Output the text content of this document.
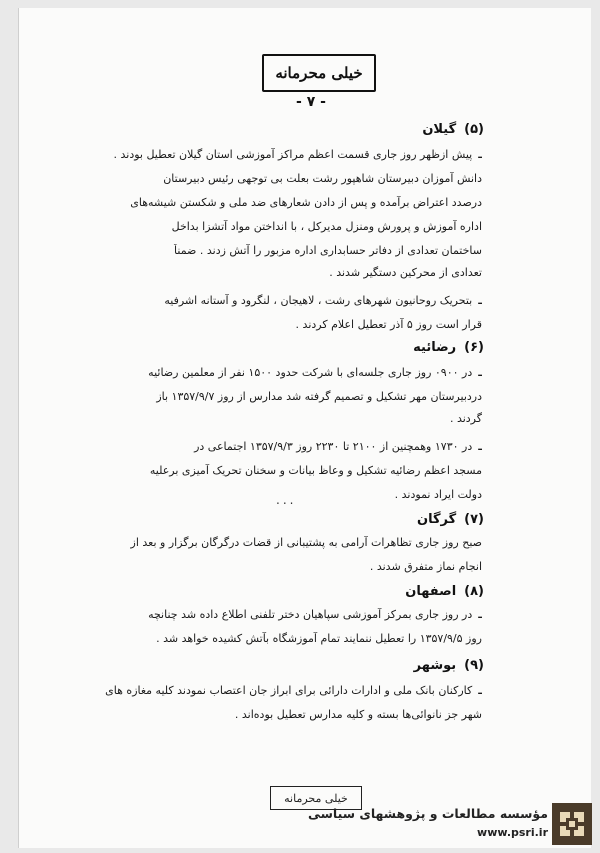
خیلی محرمانه
- ۷ -
(۵)گیلان
ـپیش ازظهر روز جاری قسمت اعظم مراکز آموزشی استان گیلان تعطیل بودند .
دانش آموزان دبیرستان شاهپور رشت بعلت بی توجهی رئیس دبیرستان
درصدد اعتراض برآمده و پس از دادن شعارهای ضد ملی و شکستن شیشه‌های
اداره آموزش و پرورش ومنزل مدیرکل ، با انداختن مواد آتشزا بداخل
ساختمان تعدادی از دفاتر حسابداری اداره مزبور را آتش زدند . ضمناً
تعدادی از محرکین دستگیر شدند .
ـبتحریک روحانیون شهرهای رشت ، لاهیجان ، لنگرود و آستانه اشرفیه
قرار است روز ۵ آذر تعطیل اعلام کردند .
(۶)رضائیه
ـدر ۰۹۰۰ روز جاری جلسه‌ای با شرکت حدود ۱۵۰۰ نفر از معلمین رضائیه
دردبیرستان مهر تشکیل و تصمیم گرفته شد مدارس از روز ۱۳۵۷/۹/۷ باز
گردند .
ـدر ۱۷۳۰ وهمچنین از ۲۱۰۰ تا ۲۲۳۰ روز ۱۳۵۷/۹/۳ اجتماعی در
مسجد اعظم رضائیه تشکیل و وعاظ بیانات و سخنان تحریک آمیزی برعلیه
دولت ایراد نمودند .
...
(۷)گرگان
صبح روز جاری تظاهرات آرامی به پشتیبانی از قضات درگرگان برگزار و بعد از
انجام نماز متفرق شدند .
(۸)اصفهان
ـدر روز جاری بمرکز آموزشی سپاهیان دختر تلفنی اطلاع داده شد چنانچه
روز ۱۳۵۷/۹/۵ را تعطیل ننمایند تمام آموزشگاه بآتش کشیده خواهد شد .
(۹)بوشهر
ـکارکنان بانک ملی و ادارات دارائی برای ابراز جان اعتصاب نمودند کلیه مغازه های
شهر جز نانوائی‌ها بسته و کلیه مدارس تعطیل بوده‌اند .
خیلی محرمانه
مؤسسه مطالعات و پژوهشهای سیاسی
www.psri.ir
